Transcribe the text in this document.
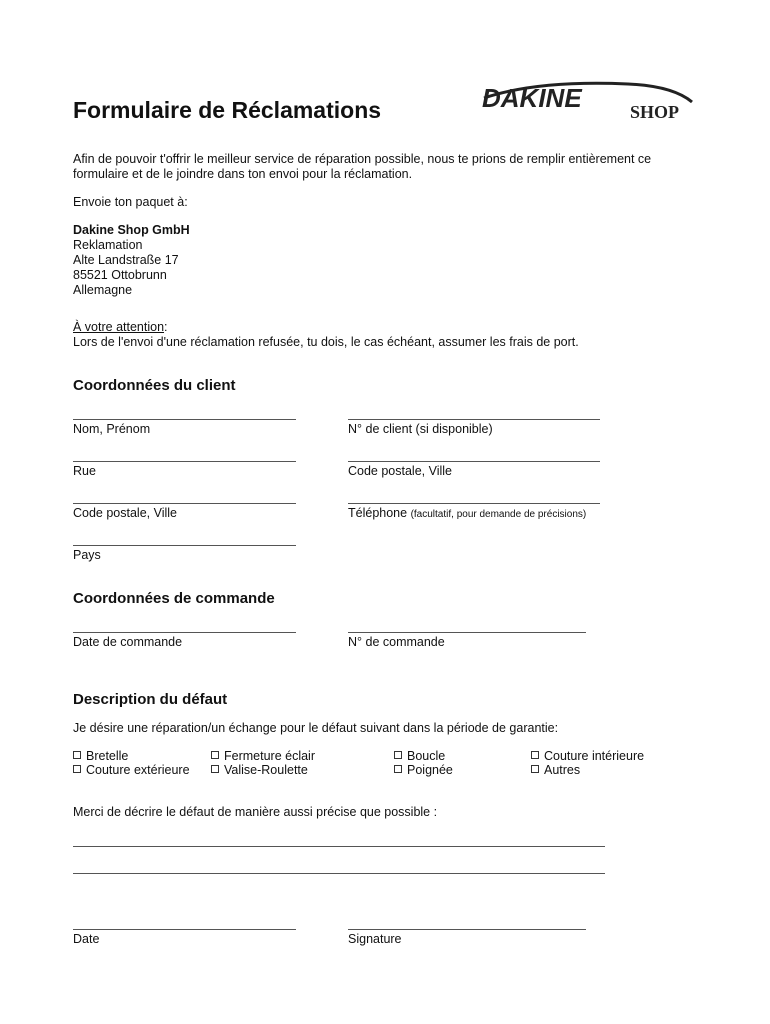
Formulaire de Réclamations	DAKINE	SHOP

Afin de pouvoir t'offrir le meilleur service de réparation possible, nous te prions de remplir entièrement ce formulaire et de le joindre dans ton envoi pour la réclamation.

Envoie ton paquet à:

Dakine Shop GmbH
Reklamation
Alte Landstraße 17
85521 Ottobrunn
Allemagne
À votre attention:
Lors de l'envoi d'une réclamation refusée, tu dois, le cas échéant, assumer les frais de port.
Coordonnées du client
Nom, Prénom	N° de client (si disponible)
Rue	Code postale, Ville
Code postale, Ville	Téléphone (facultatif, pour demande de précisions)
Pays
Coordonnées de commande
Date de commande	N° de commande
Description du défaut

Je désire une réparation/un échange pour le défaut suivant dans la période de garantie:

Bretelle
Couture extérieure
Fermeture éclair
Valise-Roulette
Boucle
Poignée
Couture intérieure
Autres

Merci de décrire le défaut de manière aussi précise que possible :

Date	Signature
